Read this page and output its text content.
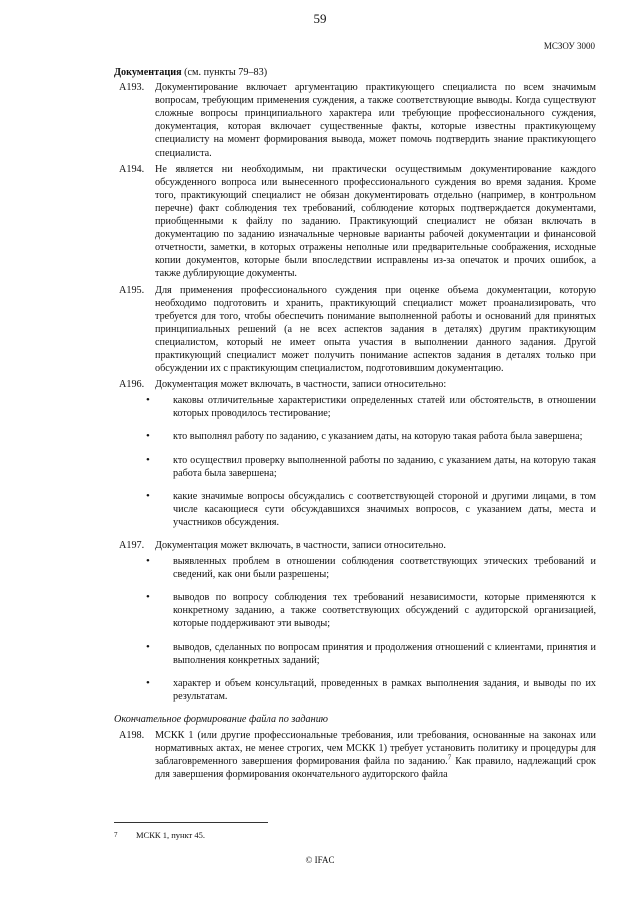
59
МСЗОУ 3000
Документация (см. пункты 79–83)
A193.	Документирование включает аргументацию практикующего специалиста по всем значимым вопросам, требующим применения суждения, а также соответствующие выводы. Когда существуют сложные вопросы принципиального характера или требующие профессионального суждения, документация, которая включает существенные факты, которые известны практикующему специалисту на момент формирования вывода, может помочь подтвердить знание практикующего специалиста.
A194.	Не является ни необходимым, ни практически осуществимым документирование каждого обсужденного вопроса или вынесенного профессионального суждения во время задания. Кроме того, практикующий специалист не обязан документировать отдельно (например, в контрольном перечне) факт соблюдения тех требований, соблюдение которых подтверждается документами, приобщенными к файлу по заданию. Практикующий специалист не обязан включать в документацию по заданию изначальные черновые варианты рабочей документации и финансовой отчетности, заметки, в которых отражены неполные или предварительные соображения, исходные копии документов, которые были впоследствии исправлены из-за опечаток и прочих ошибок, а также дублирующие документы.
A195.	Для применения профессионального суждения при оценке объема документации, которую необходимо подготовить и хранить, практикующий специалист может проанализировать, что требуется для того, чтобы обеспечить понимание выполненной работы и оснований для принятых принципиальных решений (а не всех аспектов задания в деталях) другим практикующим специалистом, который не имеет опыта участия в выполнении данного задания. Другой практикующий специалист может получить понимание аспектов задания в деталях только при обсуждении их с практикующим специалистом, подготовившим документацию.
A196.	Документация может включать, в частности, записи относительно:
•	каковы отличительные характеристики определенных статей или обстоятельств, в отношении которых проводилось тестирование;
•	кто выполнял работу по заданию, с указанием даты, на которую такая работа была завершена;
•	кто осуществил проверку выполненной работы по заданию, с указанием даты, на которую такая работа была завершена;
•	какие значимые вопросы обсуждались с соответствующей стороной и другими лицами, в том числе касающиеся сути обсуждавшихся значимых вопросов, с указанием даты, места и участников обсуждения.
A197.	Документация может включать, в частности, записи относительно.
•	выявленных проблем в отношении соблюдения соответствующих этических требований и сведений, как они были разрешены;
•	выводов по вопросу соблюдения тех требований независимости, которые применяются к конкретному заданию, а также соответствующих обсуждений с аудиторской организацией, которые поддерживают эти выводы;
•	выводов, сделанных по вопросам принятия и продолжения отношений с клиентами, принятия и выполнения конкретных заданий;
•	характер и объем консультаций, проведенных в рамках выполнения задания, и выводы по их результатам.
Окончательное формирование файла по заданию
A198.	МСКК 1 (или другие профессиональные требования, или требования, основанные на законах или нормативных актах, не менее строгих, чем МСКК 1) требует установить политику и процедуры для заблаговременного завершения формирования файла по заданию.$^7$ Как правило, надлежащий срок для завершения формирования окончательного аудиторского файла
7	МСКК 1, пункт 45.
© IFAC
